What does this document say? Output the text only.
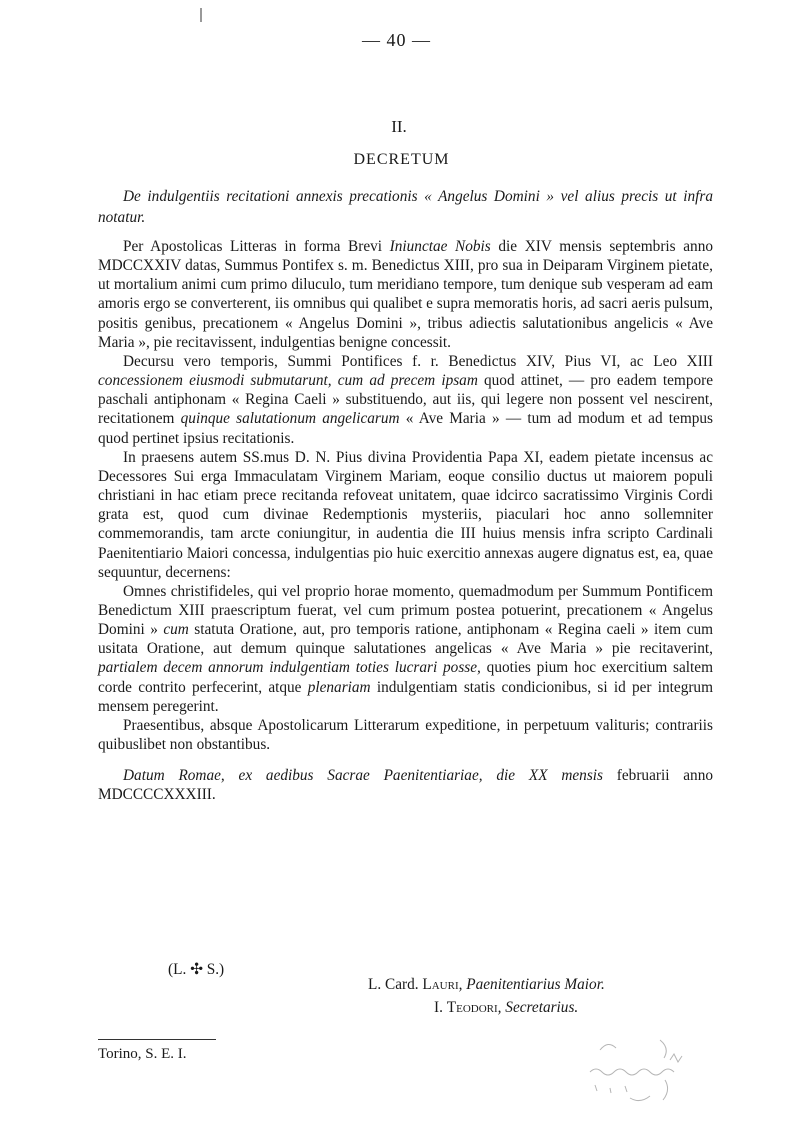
— 40 —
II.
DECRETUM

De indulgentiis recitationi annexis precationis « Angelus Domini » vel alius precis ut infra notatur.

Per Apostolicas Litteras in forma Brevi Iniunctae Nobis die XIV mensis septembris anno MDCCXXIV datas, Summus Pontifex s. m. Benedictus XIII, pro sua in Deiparam Virginem pietate, ut mortalium animi cum primo diluculo, tum meridiano tempore, tum denique sub vesperam ad eam amoris ergo se converterent, iis omnibus qui qualibet e supra memoratis horis, ad sacri aeris pulsum, positis genibus, precationem « Angelus Domini », tribus adiectis salutationibus angelicis « Ave Maria », pie recitavissent, indulgentias benigne concessit.

Decursu vero temporis, Summi Pontifices f. r. Benedictus XIV, Pius VI, ac Leo XIII concessionem eiusmodi submutarunt, cum ad precem ipsam quod attinet, — pro eadem tempore paschali antiphonam « Regina Caeli » substituendo, aut iis, qui legere non possent vel nescirent, recitationem quinque salutationum angelicarum « Ave Maria » — tum ad modum et ad tempus quod pertinet ipsius recitationis.

In praesens autem SS.mus D. N. Pius divina Providentia Papa XI, eadem pietate incensus ac Decessores Sui erga Immaculatam Virginem Mariam, eoque consilio ductus ut maiorem populi christiani in hac etiam prece recitanda refoveat unitatem, quae idcirco sacratissimo Virginis Cordi grata est, quod cum divinae Redemptionis mysteriis, piaculari hoc anno sollemniter commemorandis, tam arcte coniungitur, in audentia die III huius mensis infra scripto Cardinali Paenitentiario Maiori concessa, indulgentias pio huic exercitio annexas augere dignatus est, ea, quae sequuntur, decernens:

Omnes christifideles, qui vel proprio horae momento, quemadmodum per Summum Pontificem Benedictum XIII praescriptum fuerat, vel cum primum postea potuerint, precationem « Angelus Domini » cum statuta Oratione, aut, pro temporis ratione, antiphonam « Regina caeli » item cum usitata Oratione, aut demum quinque salutationes angelicas « Ave Maria » pie recitaverint, partialem decem annorum indulgentiam toties lucrari posse, quoties pium hoc exercitium saltem corde contrito perfecerint, atque plenariam indulgentiam statis condicionibus, si id per integrum mensem peregerint.

Praesentibus, absque Apostolicarum Litterarum expeditione, in perpetuum valituris; contrariis quibuslibet non obstantibus.

Datum Romae, ex aedibus Sacrae Paenitentiariae, die XX mensis februarii anno MDCCCCXXXIII.

(L. ✣ S.)
L. Card. Lauri, Paenitentiarius Maior.
I. Teodori, Secretarius.
Torino, S. E. I.
